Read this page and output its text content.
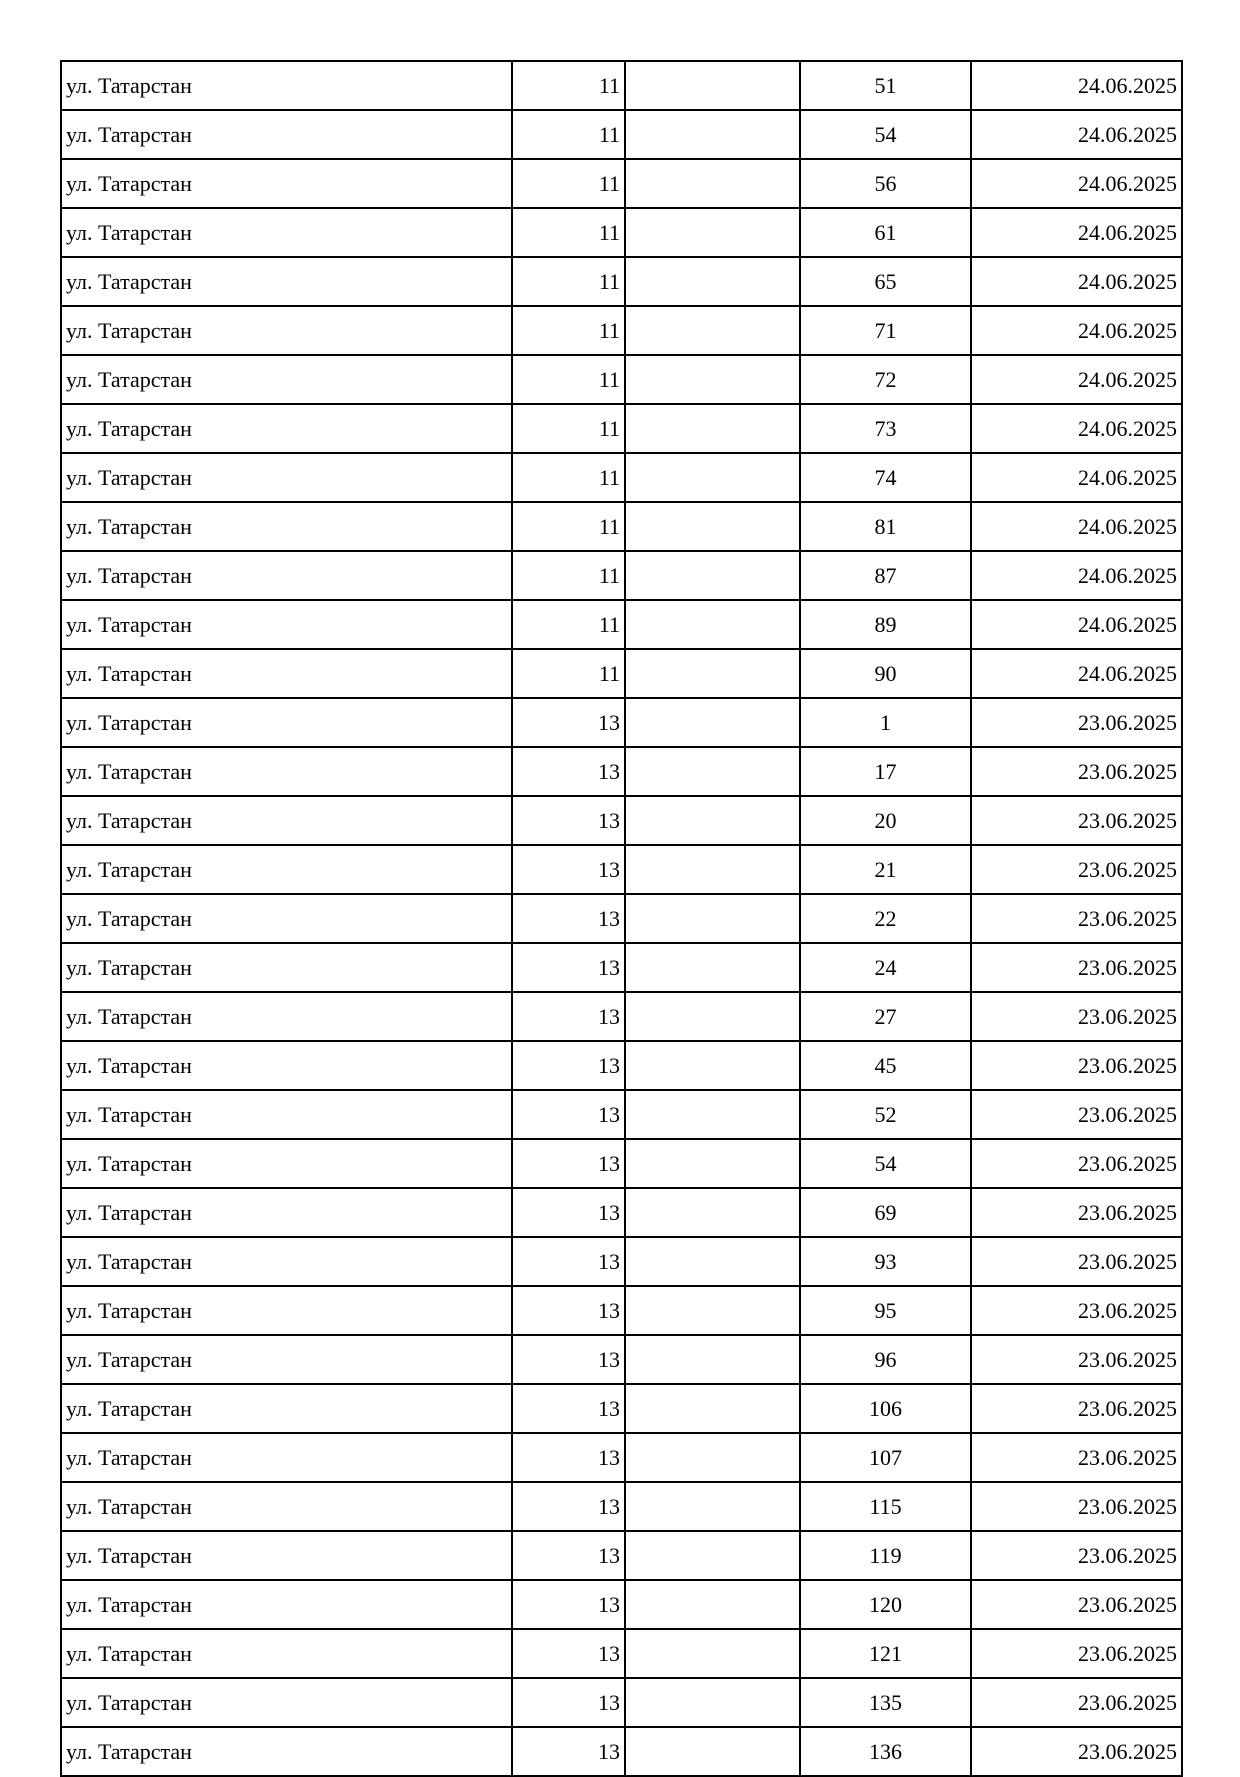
ул. Татарстан	11		51	24.06.2025
ул. Татарстан	11		54	24.06.2025
ул. Татарстан	11		56	24.06.2025
ул. Татарстан	11		61	24.06.2025
ул. Татарстан	11		65	24.06.2025
ул. Татарстан	11		71	24.06.2025
ул. Татарстан	11		72	24.06.2025
ул. Татарстан	11		73	24.06.2025
ул. Татарстан	11		74	24.06.2025
ул. Татарстан	11		81	24.06.2025
ул. Татарстан	11		87	24.06.2025
ул. Татарстан	11		89	24.06.2025
ул. Татарстан	11		90	24.06.2025
ул. Татарстан	13		1	23.06.2025
ул. Татарстан	13		17	23.06.2025
ул. Татарстан	13		20	23.06.2025
ул. Татарстан	13		21	23.06.2025
ул. Татарстан	13		22	23.06.2025
ул. Татарстан	13		24	23.06.2025
ул. Татарстан	13		27	23.06.2025
ул. Татарстан	13		45	23.06.2025
ул. Татарстан	13		52	23.06.2025
ул. Татарстан	13		54	23.06.2025
ул. Татарстан	13		69	23.06.2025
ул. Татарстан	13		93	23.06.2025
ул. Татарстан	13		95	23.06.2025
ул. Татарстан	13		96	23.06.2025
ул. Татарстан	13		106	23.06.2025
ул. Татарстан	13		107	23.06.2025
ул. Татарстан	13		115	23.06.2025
ул. Татарстан	13		119	23.06.2025
ул. Татарстан	13		120	23.06.2025
ул. Татарстан	13		121	23.06.2025
ул. Татарстан	13		135	23.06.2025
ул. Татарстан	13		136	23.06.2025
